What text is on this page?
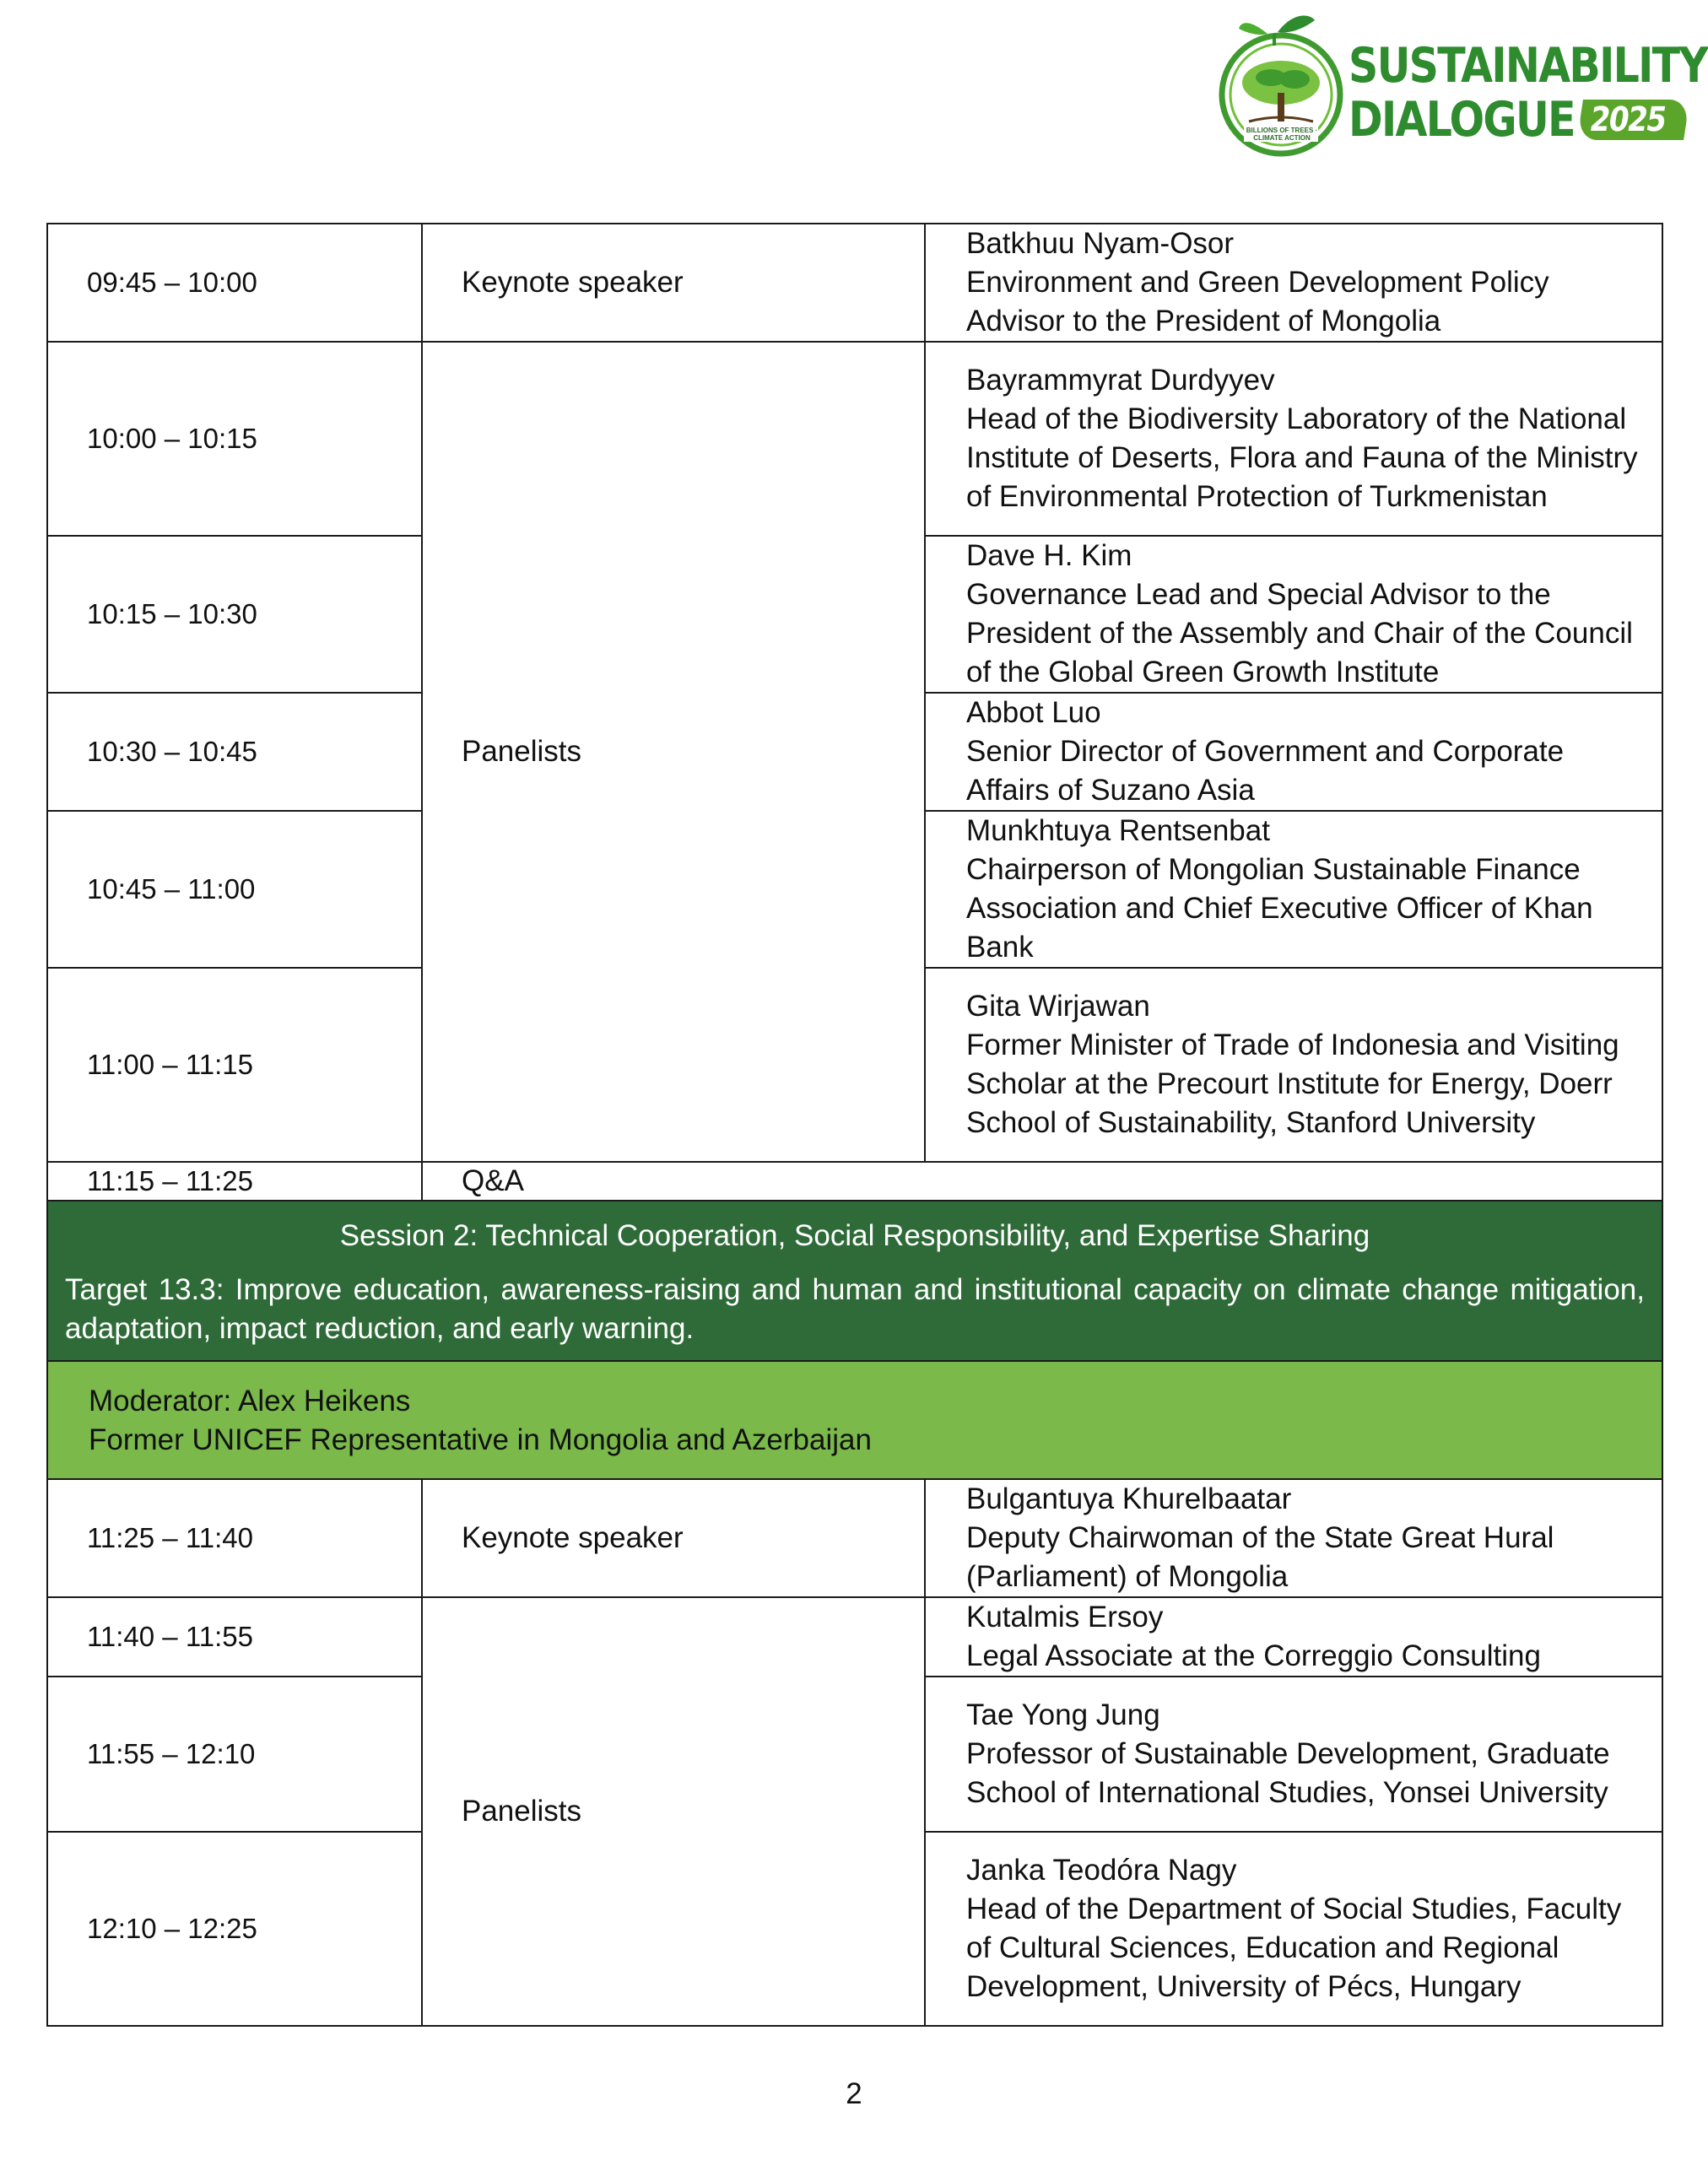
BILLIONS OF TREES · CLIMATE ACTION
SUSTAINABILITY
DIALOGUE 2025
09:45 – 10:00	Keynote speaker	Batkhuu Nyam-Osor
Environment and Green Development Policy Advisor to the President of Mongolia

10:00 – 10:15	Panelists	Bayrammyrat Durdyyev
Head of the Biodiversity Laboratory of the National Institute of Deserts, Flora and Fauna of the Ministry of Environmental Protection of Turkmenistan

10:15 – 10:30		Dave H. Kim
Governance Lead and Special Advisor to the President of the Assembly and Chair of the Council of the Global Green Growth Institute

10:30 – 10:45		Abbot Luo
Senior Director of Government and Corporate Affairs of Suzano Asia

10:45 – 11:00		Munkhtuya Rentsenbat
Chairperson of Mongolian Sustainable Finance Association and Chief Executive Officer of Khan Bank

11:00 – 11:15		Gita Wirjawan
Former Minister of Trade of Indonesia and Visiting Scholar at the Precourt Institute for Energy, Doerr School of Sustainability, Stanford University

11:15 – 11:25	Q&A	

Session 2: Technical Cooperation, Social Responsibility, and Expertise Sharing
Target 13.3: Improve education, awareness-raising and human and institutional capacity on climate change mitigation, adaptation, impact reduction, and early warning.		

Moderator: Alex Heikens
Former UNICEF Representative in Mongolia and Azerbaijan		

11:25 – 11:40	Keynote speaker	Bulgantuya Khurelbaatar
Deputy Chairwoman of the State Great Hural (Parliament) of Mongolia

11:40 – 11:55	Panelists	Kutalmis Ersoy
Legal Associate at the Correggio Consulting

11:55 – 12:10		Tae Yong Jung
Professor of Sustainable Development, Graduate School of International Studies, Yonsei University

12:10 – 12:25		Janka Teodóra Nagy
Head of the Department of Social Studies, Faculty of Cultural Sciences, Education and Regional Development, University of Pécs, Hungary
2
